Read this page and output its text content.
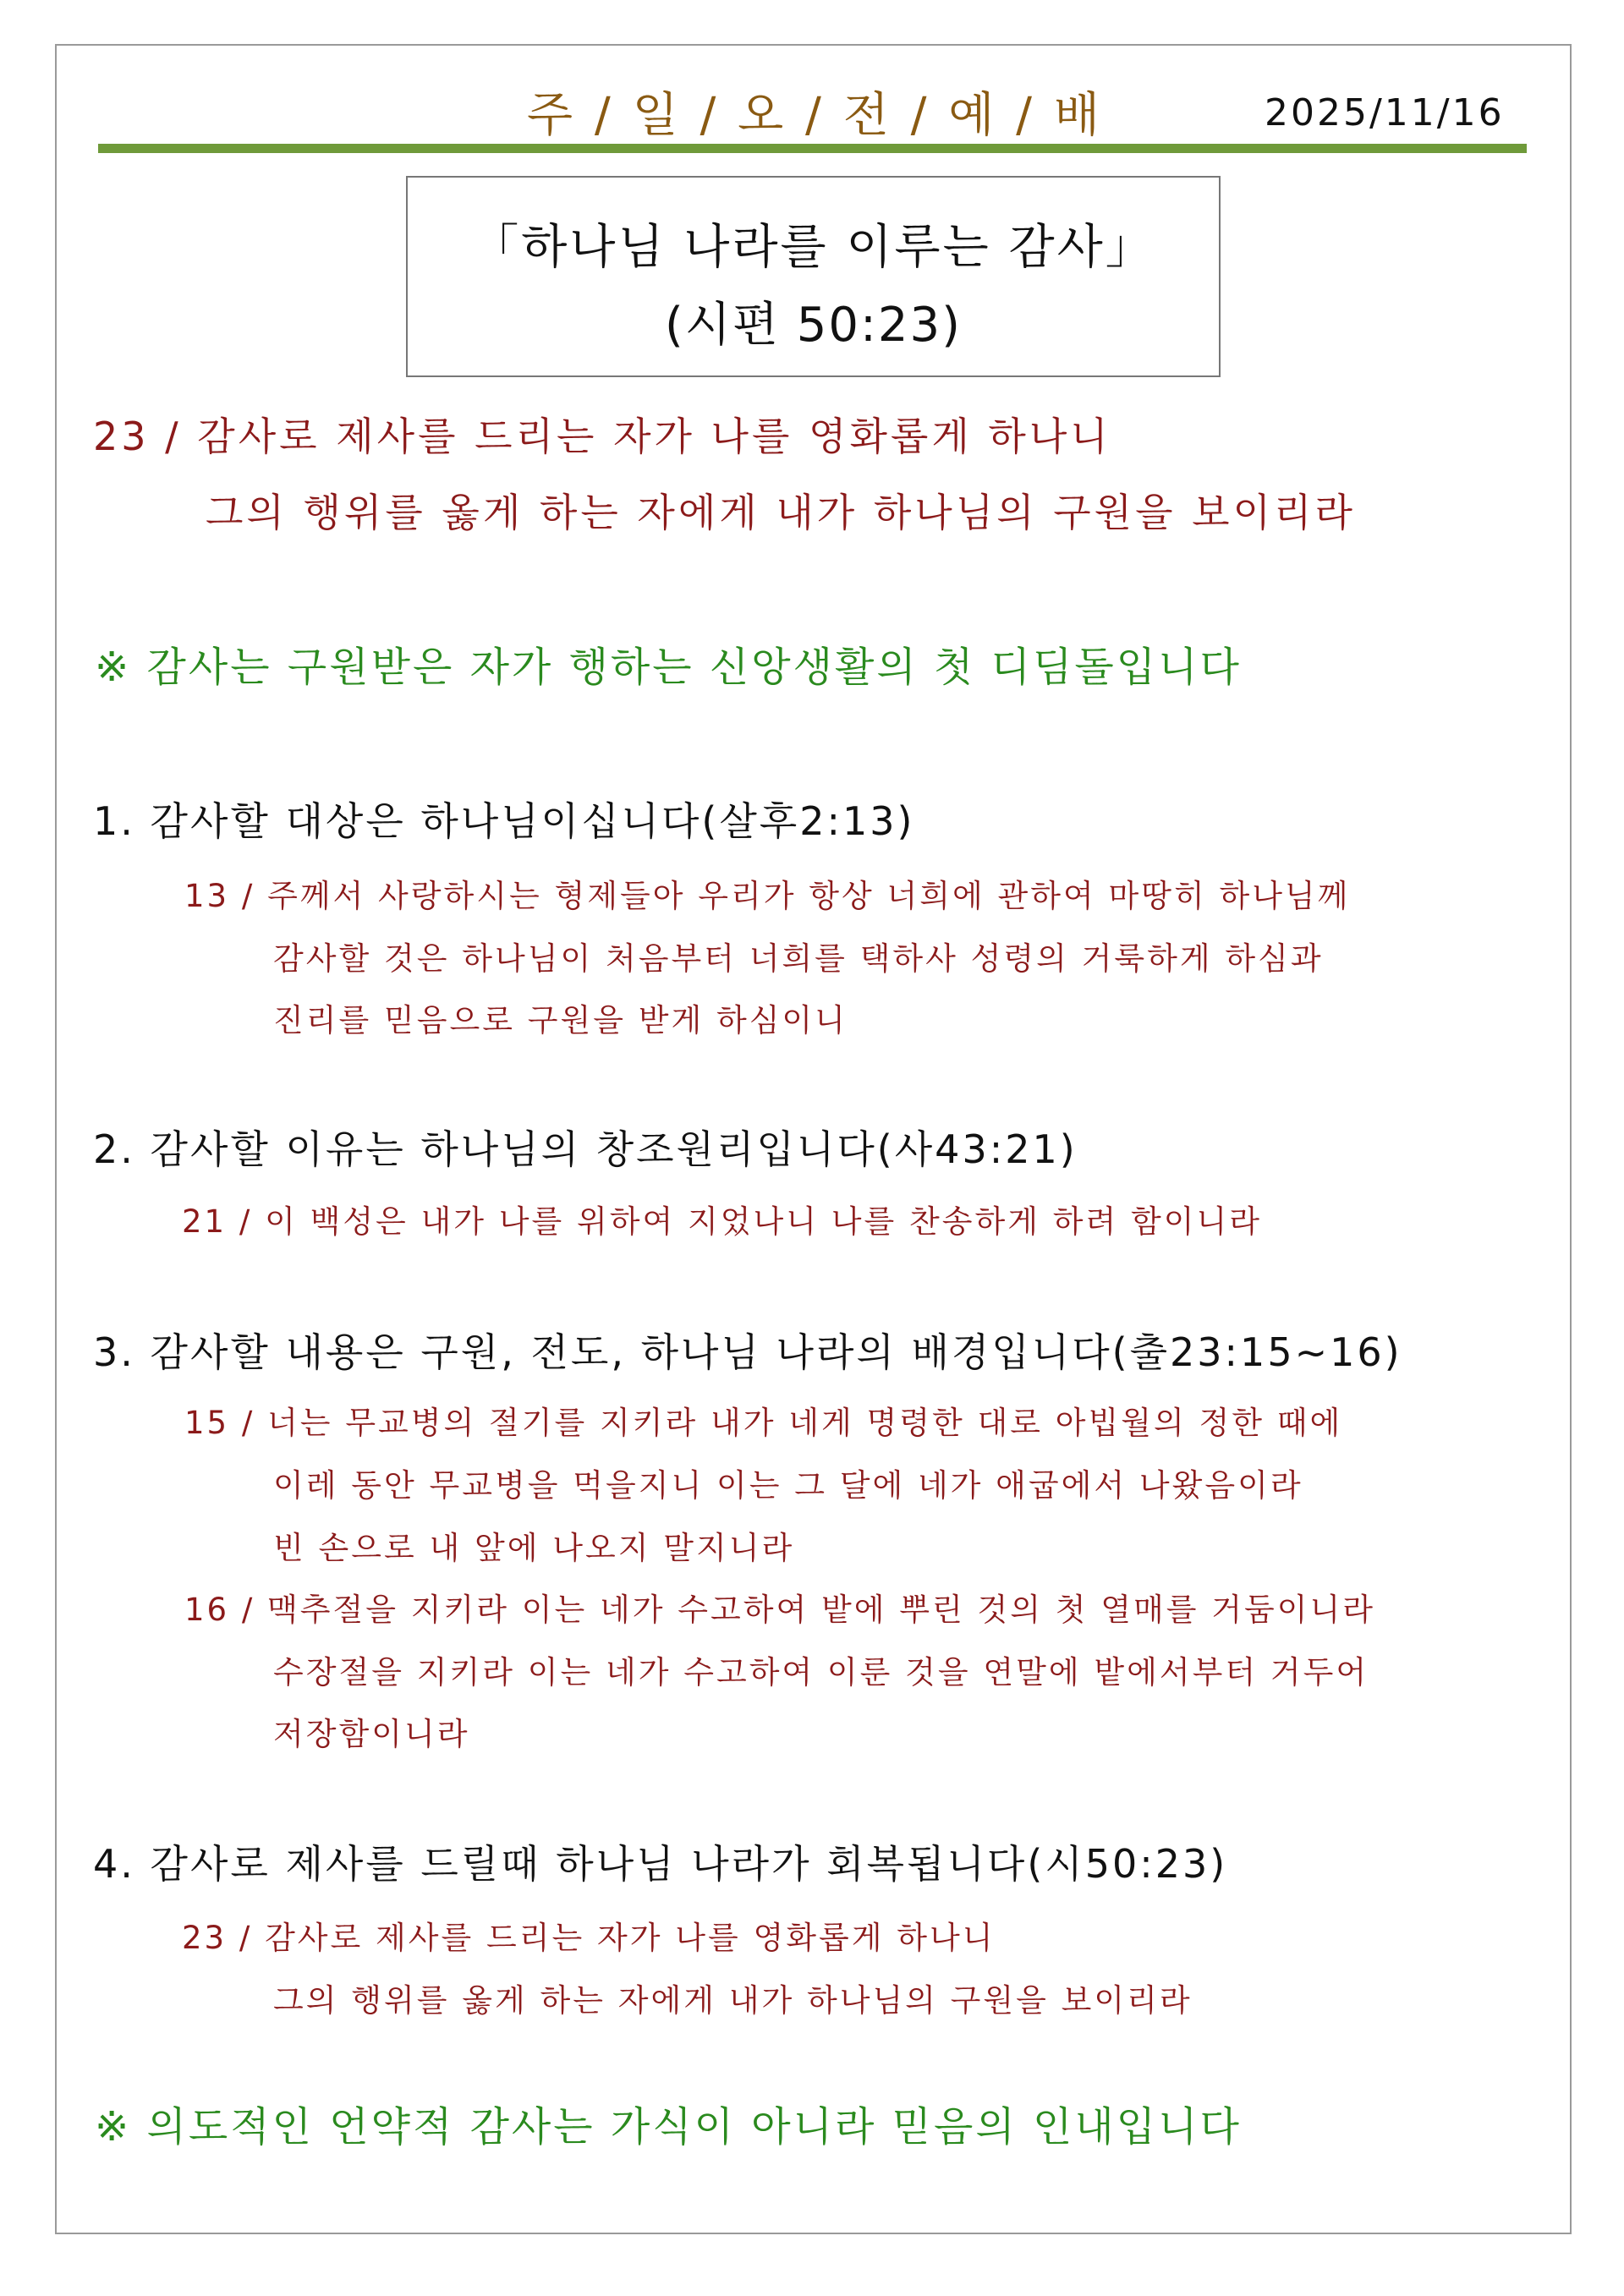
주 / 일 / 오 / 전 / 예 / 배	2025/11/16
「하나님 나라를 이루는 감사」
(시편 50:23)
23 / 감사로 제사를 드리는 자가 나를 영화롭게 하나니
그의 행위를 옳게 하는 자에게 내가 하나님의 구원을 보이리라
※ 감사는 구원받은 자가 행하는 신앙생활의 첫 디딤돌입니다
1. 감사할 대상은 하나님이십니다(살후2:13)
13 / 주께서 사랑하시는 형제들아 우리가 항상 너희에 관하여 마땅히 하나님께
감사할 것은 하나님이 처음부터 너희를 택하사 성령의 거룩하게 하심과
진리를 믿음으로 구원을 받게 하심이니
2. 감사할 이유는 하나님의 창조원리입니다(사43:21)
21 / 이 백성은 내가 나를 위하여 지었나니 나를 찬송하게 하려 함이니라
3. 감사할 내용은 구원, 전도, 하나님 나라의 배경입니다(출23:15~16)
15 / 너는 무교병의 절기를 지키라 내가 네게 명령한 대로 아빕월의 정한 때에
이레 동안 무교병을 먹을지니 이는 그 달에 네가 애굽에서 나왔음이라
빈 손으로 내 앞에 나오지 말지니라
16 / 맥추절을 지키라 이는 네가 수고하여 밭에 뿌린 것의 첫 열매를 거둠이니라
수장절을 지키라 이는 네가 수고하여 이룬 것을 연말에 밭에서부터 거두어
저장함이니라
4. 감사로 제사를 드릴때 하나님 나라가 회복됩니다(시50:23)
23 / 감사로 제사를 드리는 자가 나를 영화롭게 하나니
그의 행위를 옳게 하는 자에게 내가 하나님의 구원을 보이리라
※ 의도적인 언약적 감사는 가식이 아니라 믿음의 인내입니다
